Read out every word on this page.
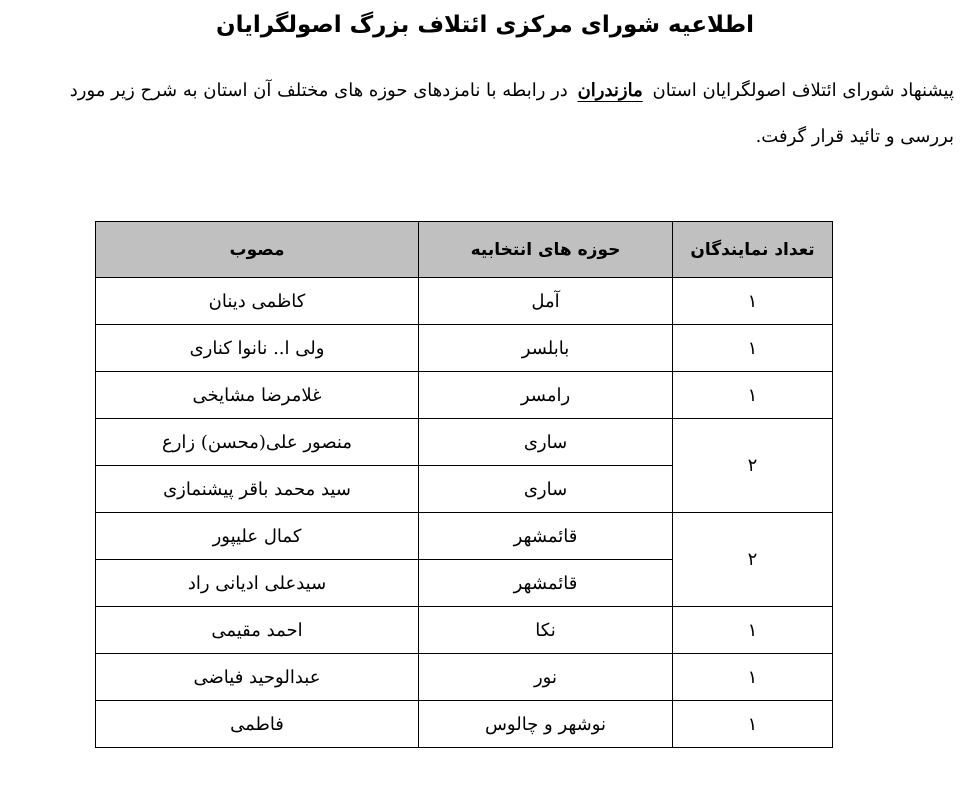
اطلاعیه شورای مرکزی ائتلاف بزرگ اصولگرایان
پیشنهاد شورای ائتلاف اصولگرایان استان مازندران در رابطه با نامزدهای حوزه های مختلف آن استان به شرح زیر مورد بررسی و تائید قرار گرفت.
تعداد نمایندگان	حوزه های انتخابیه	مصوب
۱	آمل	کاظمی دینان
۱	بابلسر	ولی ا.. نانوا کناری
۱	رامسر	غلامرضا مشایخی
۲	ساری	منصور علی(محسن) زارع
	ساری	سید محمد باقر پیشنمازی
۲	قائمشهر	کمال علیپور
	قائمشهر	سیدعلی ادیانی راد
۱	نکا	احمد مقیمی
۱	نور	عبدالوحید فیاضی
۱	نوشهر و چالوس	فاطمی
